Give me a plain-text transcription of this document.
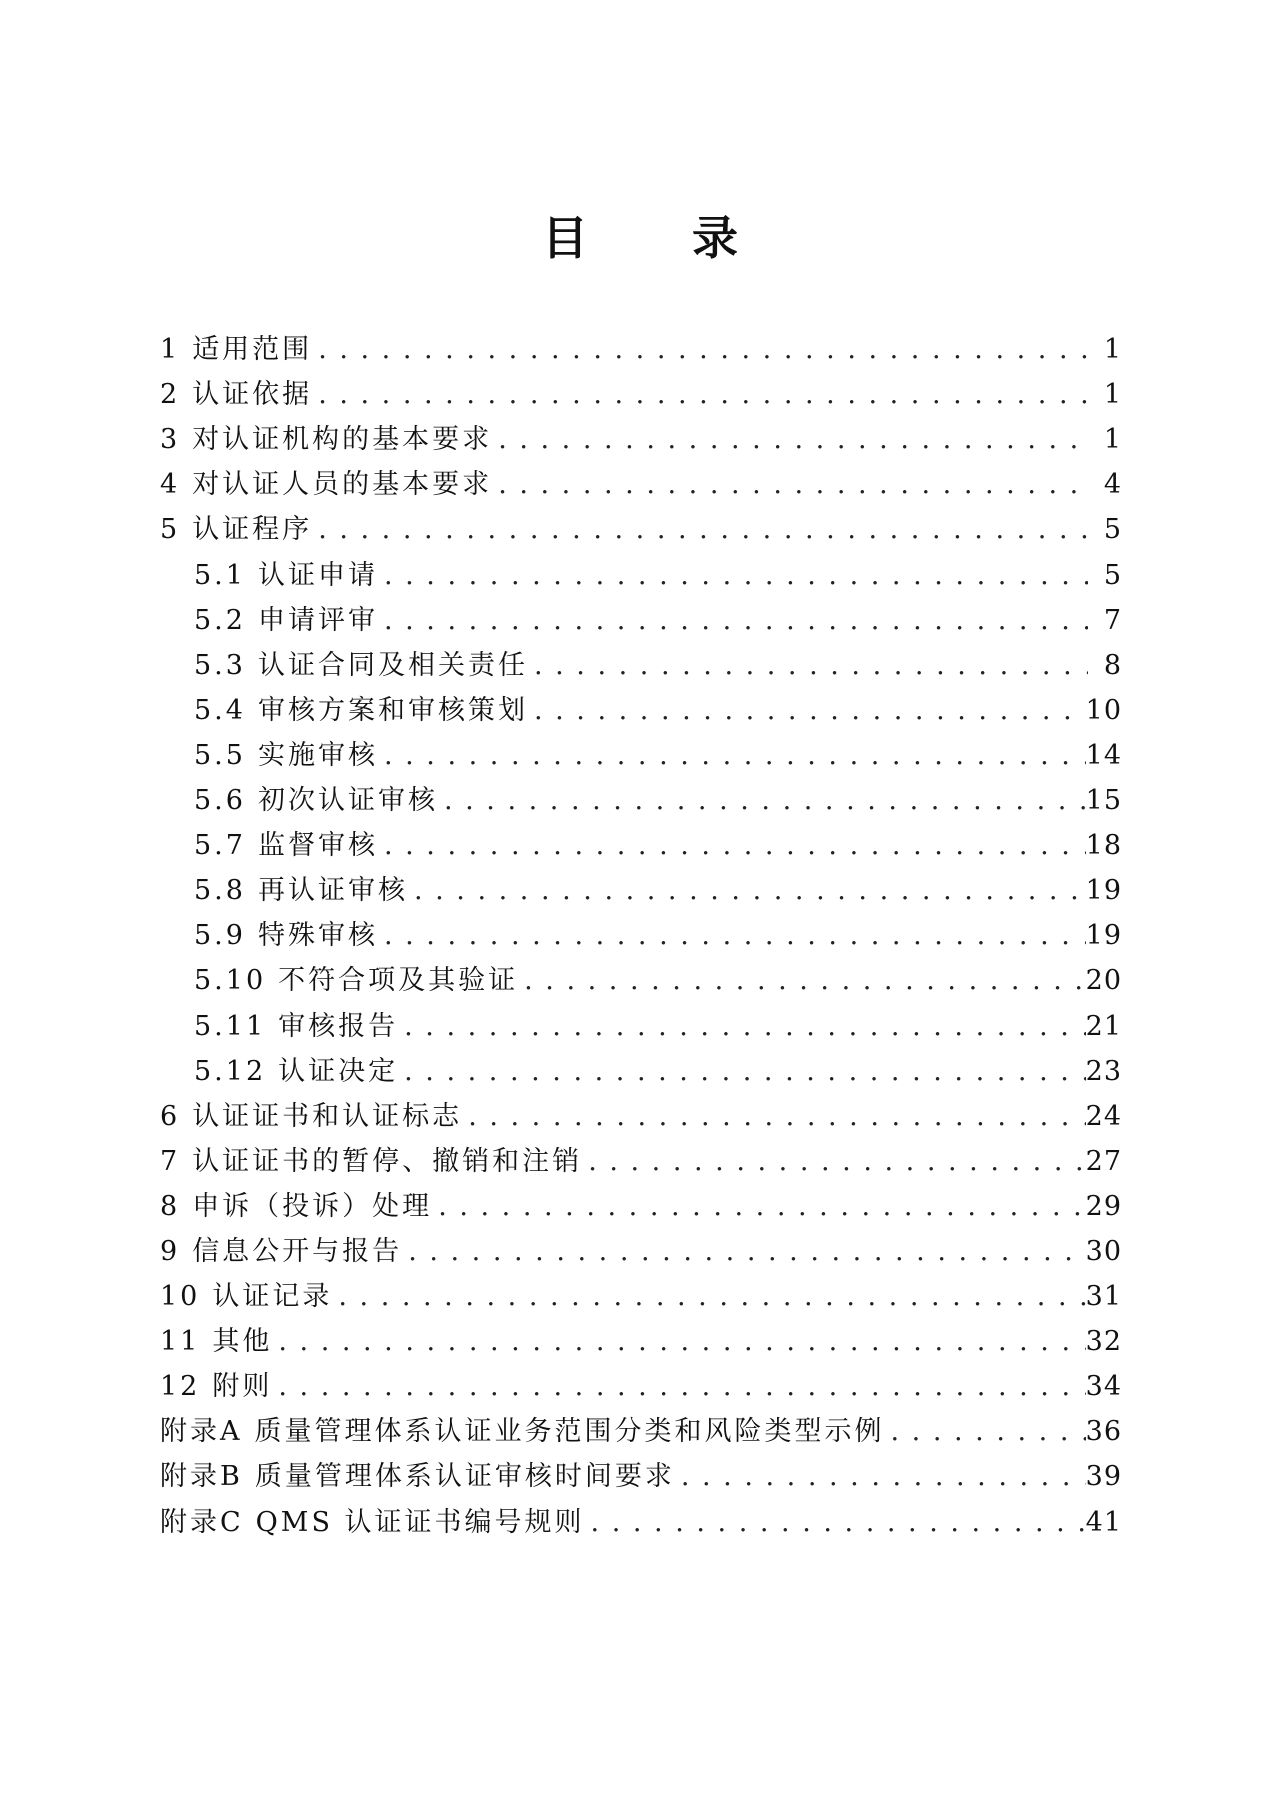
目 录
1 适用范围 . . .	1
2 认证依据 . . .	1
3 对认证机构的基本要求 . . .	1
4 对认证人员的基本要求 . . .	4
5 认证程序 . . .	5
5.1 认证申请 . . .	5
5.2 申请评审 . . .	7
5.3 认证合同及相关责任 . . .	8
5.4 审核方案和审核策划 . . .	10
5.5 实施审核 . . .	14
5.6 初次认证审核 . . .	15
5.7 监督审核 . . .	18
5.8 再认证审核 . . .	19
5.9 特殊审核 . . .	19
5.10 不符合项及其验证 . . .	20
5.11 审核报告 . . .	21
5.12 认证决定 . . .	23
6 认证证书和认证标志 . . .	24
7 认证证书的暂停、撤销和注销 . . .	27
8 申诉（投诉）处理 . . .	29
9 信息公开与报告 . . .	30
10 认证记录 . . .	31
11 其他 . . .	32
12 附则 . . .	34
附录A 质量管理体系认证业务范围分类和风险类型示例 . . .	36
附录B 质量管理体系认证审核时间要求 . . .	39
附录C QMS 认证证书编号规则 . . .	41
